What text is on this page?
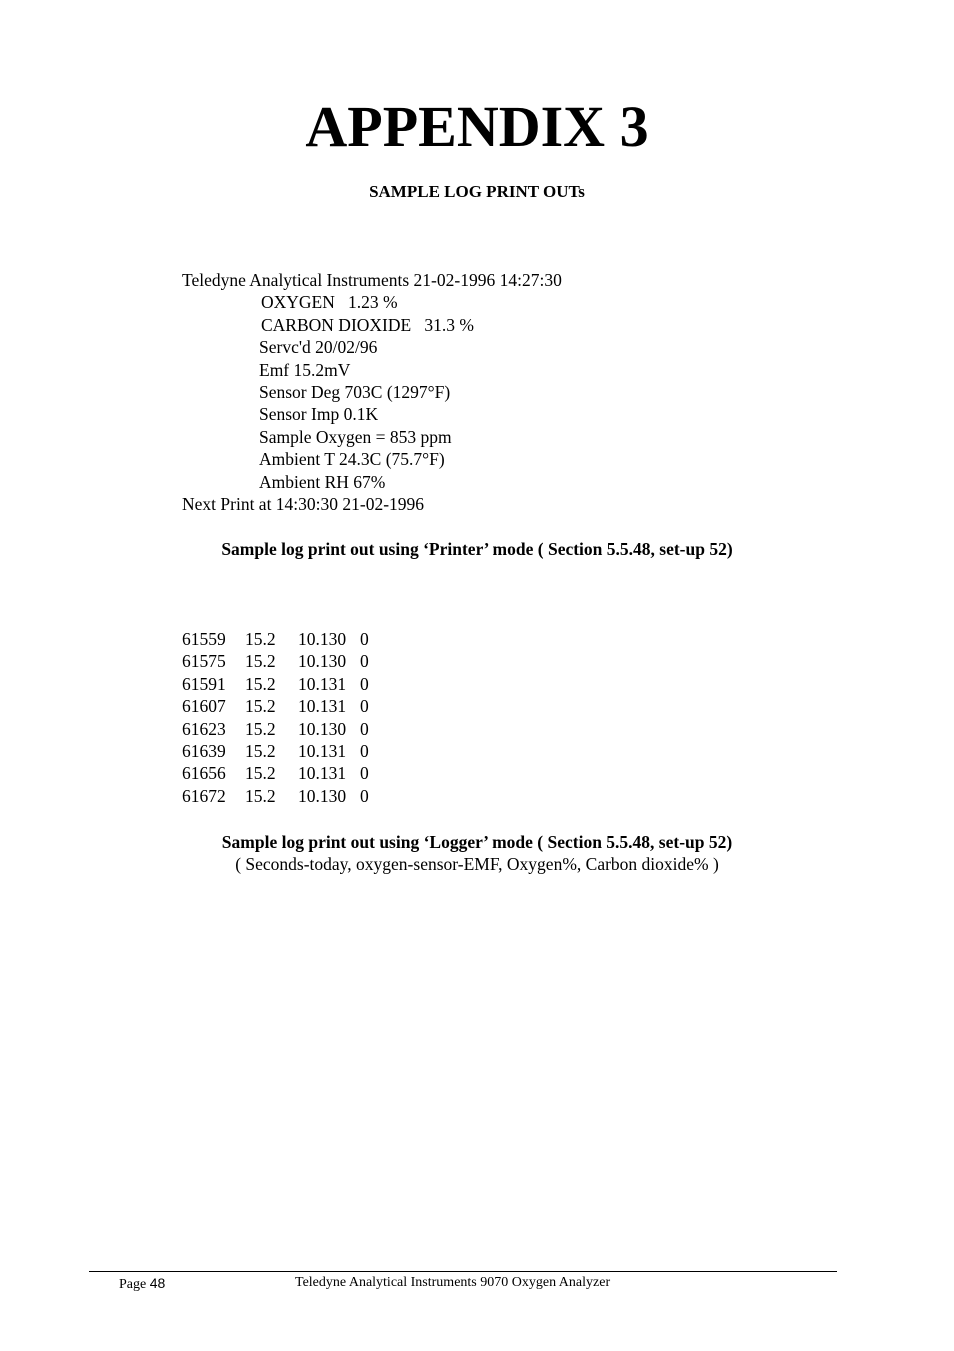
APPENDIX 3
SAMPLE LOG PRINT OUTs
Teledyne Analytical Instruments 21-02-1996 14:27:30
OXYGEN   1.23 %
CARBON DIOXIDE   31.3 %
Servc'd 20/02/96
Emf 15.2mV
Sensor Deg 703C (1297°F)
Sensor Imp 0.1K
Sample Oxygen = 853 ppm
Ambient T 24.3C (75.7°F)
Ambient RH 67%
Next Print at 14:30:30 21-02-1996
Sample log print out using ‘Printer’ mode ( Section 5.5.48, set-up 52)
61559	15.2	10.130 0
61575	15.2	10.130 0
61591	15.2	10.131 0
61607	15.2	10.131 0
61623	15.2	10.130 0
61639	15.2	10.131 0
61656	15.2	10.131 0
61672	15.2	10.130 0
Sample log print out using ‘Logger’ mode ( Section 5.5.48, set-up 52)
( Seconds-today, oxygen-sensor-EMF, Oxygen%, Carbon dioxide% )
Page 48	Teledyne Analytical Instruments 9070 Oxygen Analyzer
